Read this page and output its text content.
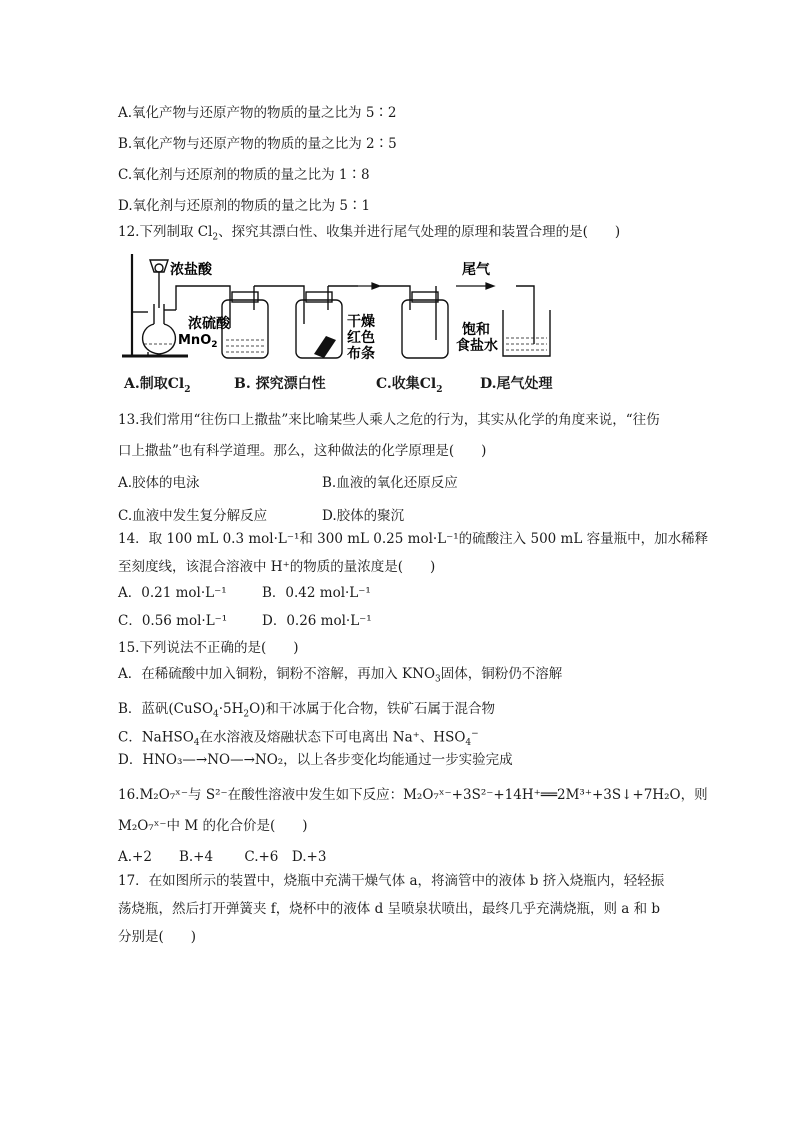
A.氧化产物与还原产物的物质的量之比为 5∶2
B.氧化产物与还原产物的物质的量之比为 2∶5
C.氧化剂与还原剂的物质的量之比为 1∶8
D.氧化剂与还原剂的物质的量之比为 5∶1
12.下列制取 $Cl_2$、探究其漂白性、收集并进行尾气处理的原理和装置合理的是(　　)
浓盐酸
MnO$_2$
浓硫酸	干燥
红色
布条
尾气
饱和
食盐水
A.制取$Cl_2$	B. 探究漂白性	C.收集$Cl_2$	D.尾气处理
13.我们常用“往伤口上撒盐”来比喻某些人乘人之危的行为，其实从化学的角度来说，“往伤
口上撒盐”也有科学道理。那么，这种做法的化学原理是(　　)
A.胶体的电泳	B.血液的氧化还原反应
C.血液中发生复分解反应	D.胶体的聚沉
14．取 100 mL 0.3 mol·L⁻¹和 300 mL 0.25 mol·L⁻¹的硫酸注入 500 mL 容量瓶中，加水稀释
至刻度线，该混合溶液中 H⁺的物质的量浓度是(　　)
A．0.21 mol·L⁻¹	B．0.42 mol·L⁻¹
C．0.56 mol·L⁻¹	D．0.26 mol·L⁻¹
15.下列说法不正确的是(　　)
A．在稀硫酸中加入铜粉，铜粉不溶解，再加入 $KNO_3$固体，铜粉仍不溶解
B．蓝矾$(CuSO_4\cdot 5H_2O)$和干冰属于化合物，铁矿石属于混合物
C．NaHSO$_4$在水溶液及熔融状态下可电离出 Na⁺、$HSO_4^-$
D．HNO₃—→NO—→NO₂，以上各步变化均能通过一步实验完成
16.M₂O₇ˣ⁻与 S²⁻在酸性溶液中发生如下反应：M₂O₇ˣ⁻+3S²⁻+14H⁺══2M³⁺+3S↓+7H₂O，则
M₂O₇ˣ⁻中 M 的化合价是(　　)
A.+2　　B.+4　　 C.+6　D.+3
17．在如图所示的装置中，烧瓶中充满干燥气体 a，将滴管中的液体 b 挤入烧瓶内，轻轻振
荡烧瓶，然后打开弹簧夹 f，烧杯中的液体 d 呈喷泉状喷出，最终几乎充满烧瓶，则 a 和 b
分别是(　　)
